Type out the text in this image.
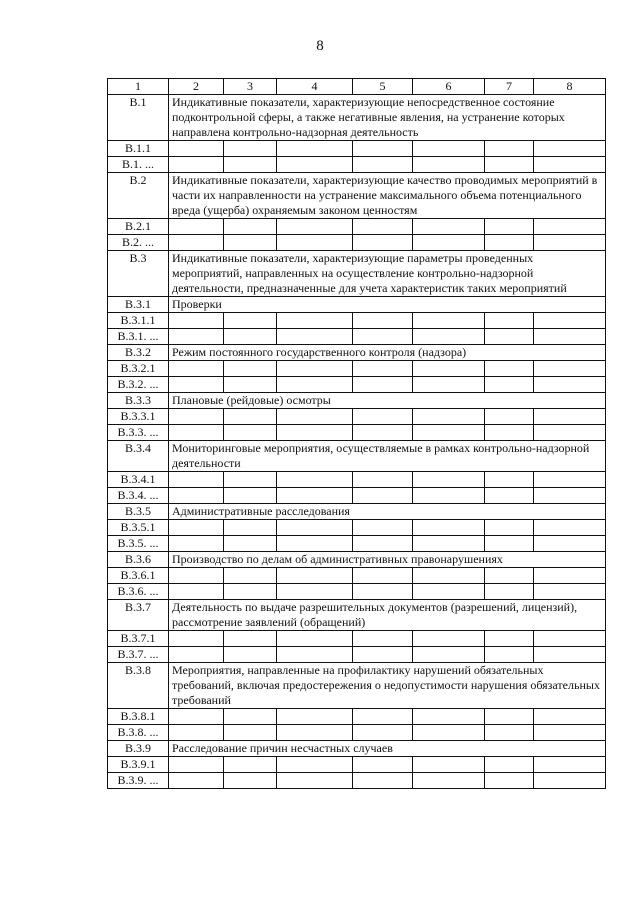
8
1	2	3	4	5	6	7	8
В.1	Индикативные показатели, характеризующие непосредственное состояние подконтрольной сферы, а также негативные явления, на устранение которых направлена контрольно-надзорная деятельность						
В.1.1							
В.1. ...							
В.2	Индикативные показатели, характеризующие качество проводимых мероприятий в части их направленности на устранение максимального объема потенциального вреда (ущерба) охраняемым законом ценностям						
В.2.1							
В.2. ...							
В.3	Индикативные показатели, характеризующие параметры проведенных мероприятий, направленных на осуществление контрольно-надзорной деятельности, предназначенные для учета характеристик таких мероприятий						
В.3.1	Проверки						
В.3.1.1							
В.3.1. ...							
В.3.2	Режим постоянного государственного контроля (надзора)						
В.3.2.1							
В.3.2. ...							
В.3.3	Плановые (рейдовые) осмотры						
В.3.3.1							
В.3.3. ...							
В.3.4	Мониторинговые мероприятия, осуществляемые в рамках контрольно-надзорной деятельности						
В.3.4.1							
В.3.4. ...							
В.3.5	Административные расследования						
В.3.5.1							
В.3.5. ...							
В.3.6	Производство по делам об административных правонарушениях						
В.3.6.1							
В.3.6. ...							
В.3.7	Деятельность по выдаче разрешительных документов (разрешений, лицензий), рассмотрение заявлений (обращений)						
В.3.7.1							
В.3.7. ...							
В.3.8	Мероприятия, направленные на профилактику нарушений обязательных требований, включая предостережения о недопустимости нарушения обязательных требований						
В.3.8.1							
В.3.8. ...							
В.3.9	Расследование причин несчастных случаев						
В.3.9.1							
В.3.9. ...							
